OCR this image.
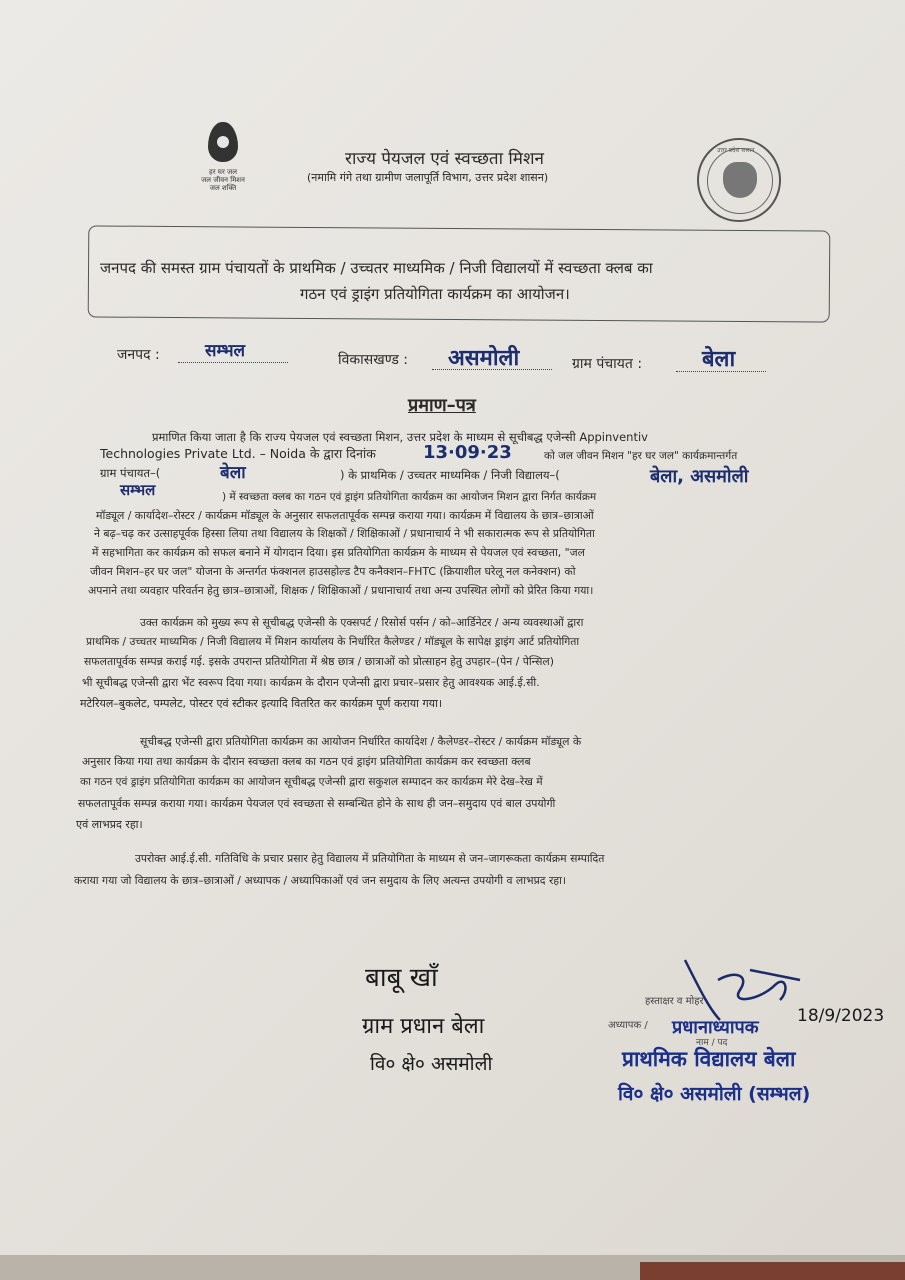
हर घर जल
जल जीवन मिशन
जल शक्ति
उत्तर प्रदेश शासन
राज्य पेयजल एवं स्वच्छता मिशन
(नमामि गंगे तथा ग्रामीण जलापूर्ति विभाग, उत्तर प्रदेश शासन)
जनपद की समस्त ग्राम पंचायतों के प्राथमिक / उच्चतर माध्यमिक / निजी विद्यालयों में स्वच्छता क्लब का
गठन एवं ड्राइंग प्रतियोगिता कार्यक्रम का आयोजन।
जनपद :	सम्भल	विकासखण्ड : असमोली	ग्राम पंचायत :	बेला
प्रमाण–पत्र
प्रमाणित किया जाता है कि राज्य पेयजल एवं स्वच्छता मिशन, उत्तर प्रदेश के माध्यम से सूचीबद्ध एजेन्सी Appinventiv
Technologies Private Ltd. – Noida के द्वारा दिनांक	13·09·23	को जल जीवन मिशन "हर घर जल" कार्यक्रमान्तर्गत
ग्राम पंचायत–(	बेला	) के प्राथमिक / उच्चतर माध्यमिक / निजी विद्यालय–(	बेला, असमोली
सम्भल	) में स्वच्छता क्लब का गठन एवं ड्राइंग प्रतियोगिता कार्यक्रम का आयोजन मिशन द्वारा निर्गत कार्यक्रम
मॉड्यूल / कार्यादेश–रोस्टर / कार्यक्रम मॉड्यूल के अनुसार सफलतापूर्वक सम्पन्न कराया गया। कार्यक्रम में विद्यालय के छात्र–छात्राओं
ने बढ़–चढ़ कर उत्साहपूर्वक हिस्सा लिया तथा विद्यालय के शिक्षकों / शिक्षिकाओं / प्रधानाचार्य ने भी सकारात्मक रूप से प्रतियोगिता
में सहभागिता कर कार्यक्रम को सफल बनाने में योगदान दिया। इस प्रतियोगिता कार्यक्रम के माध्यम से पेयजल एवं स्वच्छता, "जल
जीवन मिशन–हर घर जल" योजना के अन्तर्गत फंक्शनल हाउसहोल्ड टैप कनैक्शन–FHTC (क्रियाशील घरेलू नल कनेक्शन) को
अपनाने तथा व्यवहार परिवर्तन हेतु छात्र–छात्राओं, शिक्षक / शिक्षिकाओं / प्रधानाचार्य तथा अन्य उपस्थित लोगों को प्रेरित किया गया।
उक्त कार्यक्रम को मुख्य रूप से सूचीबद्ध एजेन्सी के एक्सपर्ट / रिसोर्स पर्सन / को–आर्डिनेटर / अन्य व्यवस्थाओं द्वारा
प्राथमिक / उच्चतर माध्यमिक / निजी विद्यालय में मिशन कार्यालय के निर्धारित कैलेण्डर / मॉड्यूल के सापेक्ष ड्राइंग आर्ट प्रतियोगिता
सफलतापूर्वक सम्पन्न कराई गई. इसके उपरान्त प्रतियोगिता में श्रेष्ठ छात्र / छात्राओं को प्रोत्साहन हेतु उपहार–(पेन / पेन्सिल)
भी सूचीबद्ध एजेन्सी द्वारा भेंट स्वरूप दिया गया। कार्यक्रम के दौरान एजेन्सी द्वारा प्रचार–प्रसार हेतु आवश्यक आई.ई.सी.
मटेरियल–बुकलेट, पम्पलेट, पोस्टर एवं स्टीकर इत्यादि वितरित कर कार्यक्रम पूर्ण कराया गया।
सूचीबद्ध एजेन्सी द्वारा प्रतियोगिता कार्यक्रम का आयोजन निर्धारित कार्यादेश / कैलेण्डर–रोस्टर / कार्यक्रम मॉड्यूल के
अनुसार किया गया तथा कार्यक्रम के दौरान स्वच्छता क्लब का गठन एवं ड्राइंग प्रतियोगिता कार्यक्रम कर स्वच्छता क्लब
का गठन एवं ड्राइंग प्रतियोगिता कार्यक्रम का आयोजन सूचीबद्ध एजेन्सी द्वारा सकुशल सम्पादन कर कार्यक्रम मेरे देख–रेख में
सफलतापूर्वक सम्पन्न कराया गया। कार्यक्रम पेयजल एवं स्वच्छता से सम्बन्धित होने के साथ ही जन–समुदाय एवं बाल उपयोगी
एवं लाभप्रद रहा।
उपरोक्त आई.ई.सी. गतिविधि के प्रचार प्रसार हेतु विद्यालय में प्रतियोगिता के माध्यम से जन–जागरूकता कार्यक्रम सम्पादित
कराया गया जो विद्यालय के छात्र–छात्राओं / अध्यापक / अध्यापिकाओं एवं जन समुदाय के लिए अत्यन्त उपयोगी व लाभप्रद रहा।
बाबू खाँ
ग्राम प्रधान बेला
वि० क्षे० असमोली
हस्ताक्षर व मोहर
अध्यापक / प्रधानाध्यापक
नाम / पद
18/9/2023
प्राथमिक विद्यालय बेला
वि० क्षे० असमोली (सम्भल)
